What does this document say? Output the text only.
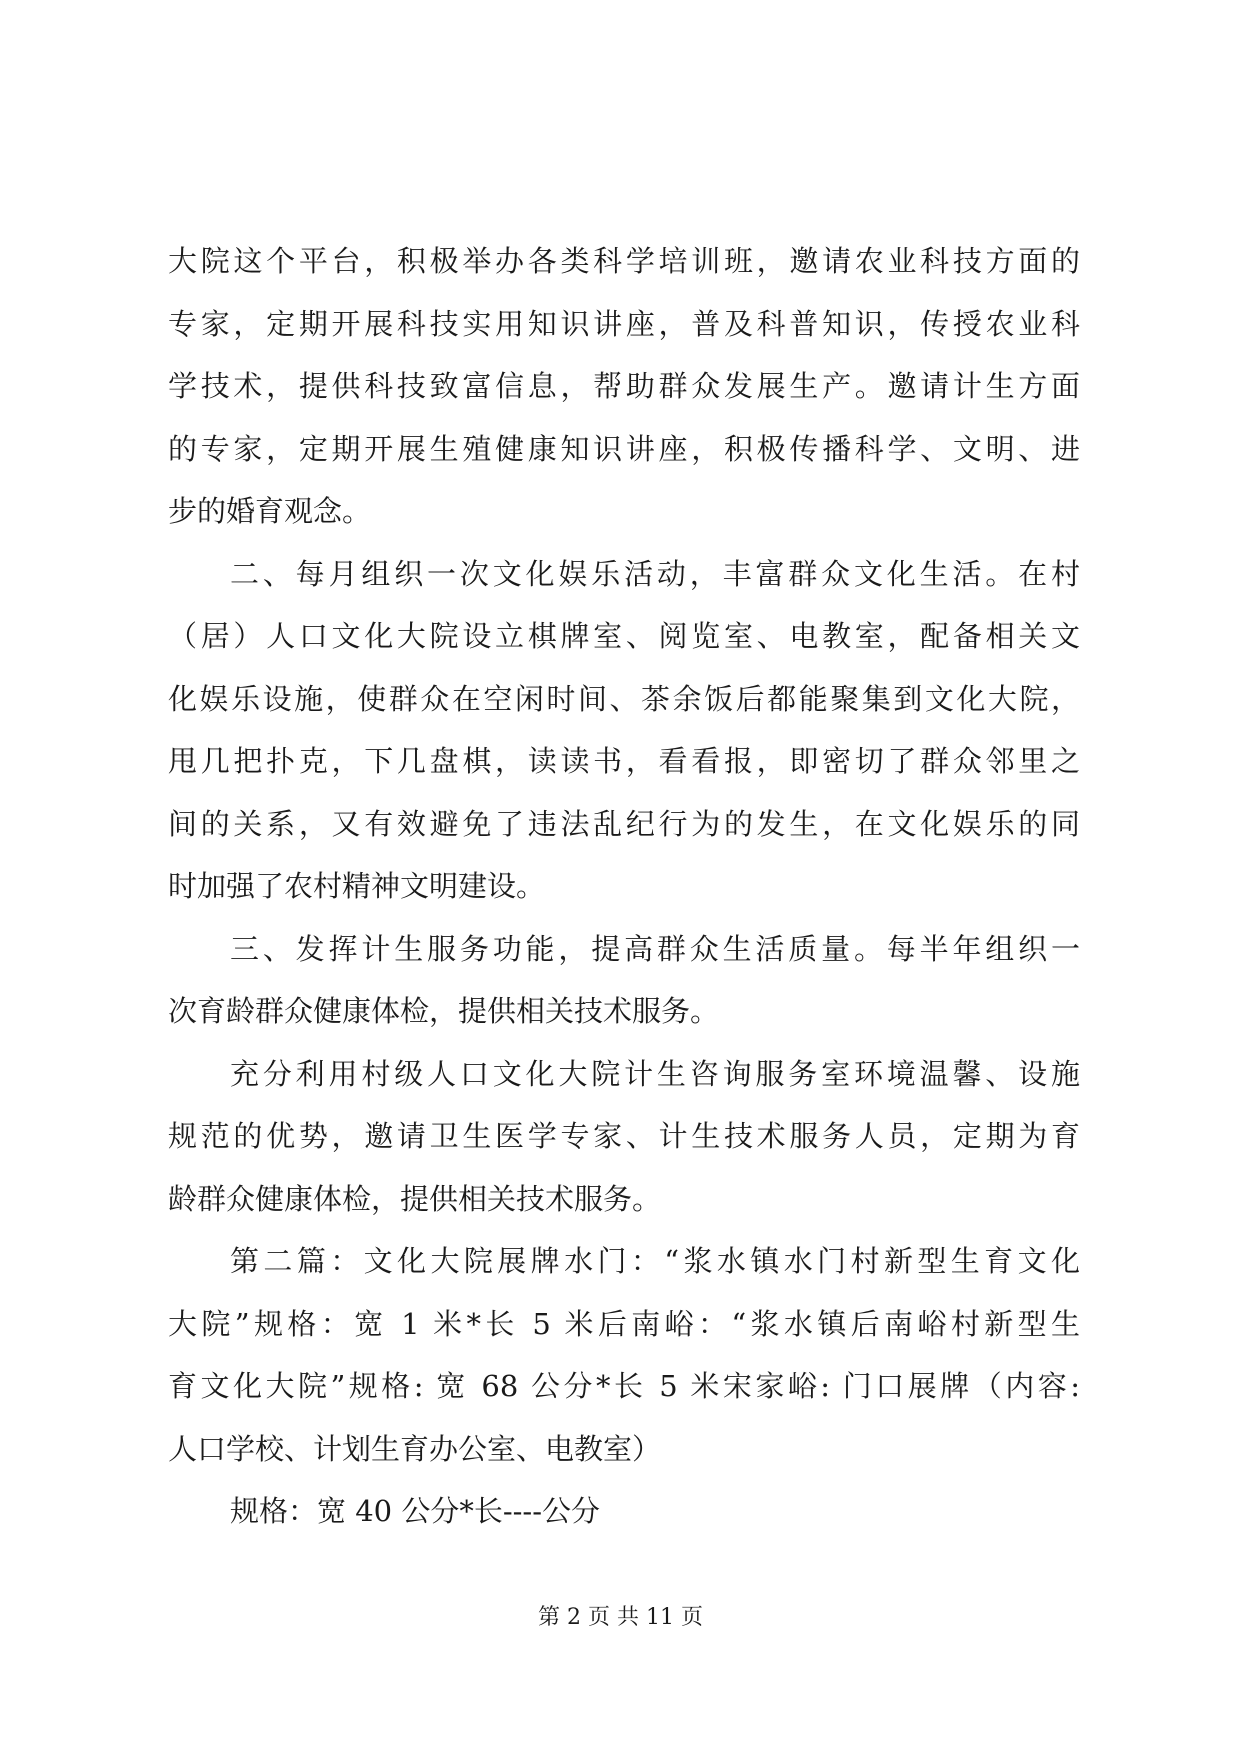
大院这个平台，积极举办各类科学培训班，邀请农业科技方面的
专家，定期开展科技实用知识讲座，普及科普知识，传授农业科
学技术，提供科技致富信息，帮助群众发展生产。邀请计生方面
的专家，定期开展生殖健康知识讲座，积极传播科学、文明、进
步的婚育观念。
二、每月组织一次文化娱乐活动，丰富群众文化生活。在村
（居）人口文化大院设立棋牌室、阅览室、电教室，配备相关文
化娱乐设施，使群众在空闲时间、茶余饭后都能聚集到文化大院，
甩几把扑克，下几盘棋，读读书，看看报，即密切了群众邻里之
间的关系，又有效避免了违法乱纪行为的发生，在文化娱乐的同
时加强了农村精神文明建设。
三、发挥计生服务功能，提高群众生活质量。每半年组织一
次育龄群众健康体检，提供相关技术服务。
充分利用村级人口文化大院计生咨询服务室环境温馨、设施
规范的优势，邀请卫生医学专家、计生技术服务人员，定期为育
龄群众健康体检，提供相关技术服务。
第二篇：文化大院展牌水门：“浆水镇水门村新型生育文化
大院”规格：宽 1 米*长 5 米后南峪：“浆水镇后南峪村新型生
育文化大院”规格: 宽 68 公分*长 5 米宋家峪: 门口展牌（内容:
人口学校、计划生育办公室、电教室）
规格：宽 40 公分*长----公分
第 2 页 共 11 页
